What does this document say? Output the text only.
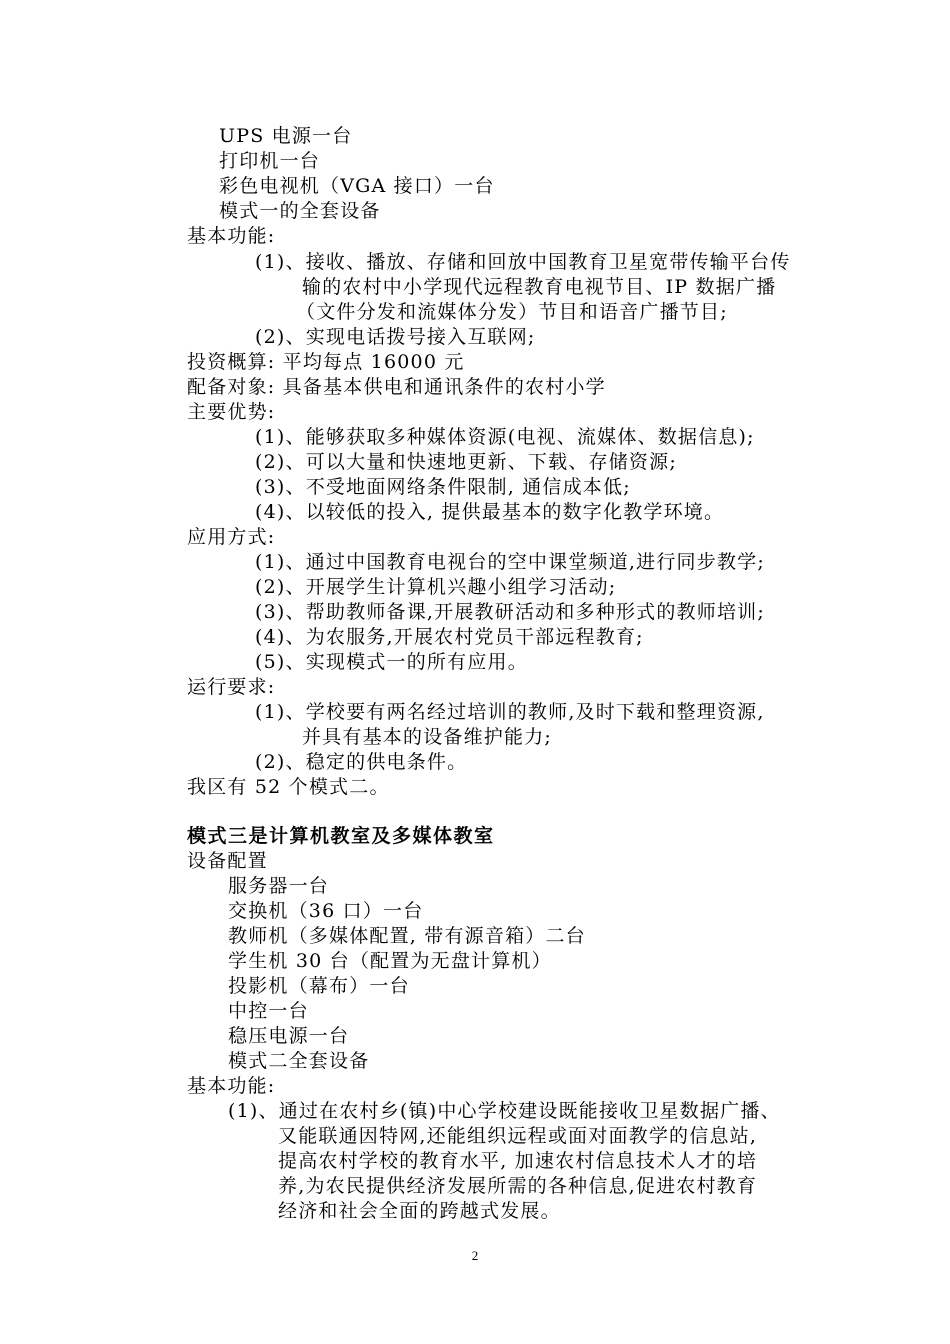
UPS 电源一台
打印机一台
彩色电视机（VGA 接口）一台
模式一的全套设备
基本功能:
(1)、接收、播放、存储和回放中国教育卫星宽带传输平台传
输的农村中小学现代远程教育电视节目、IP 数据广播
（文件分发和流媒体分发）节目和语音广播节目;
(2)、实现电话拨号接入互联网;
投资概算: 平均每点 16000 元
配备对象: 具备基本供电和通讯条件的农村小学
主要优势:
(1)、能够获取多种媒体资源(电视、流媒体、数据信息);
(2)、可以大量和快速地更新、下载、存储资源;
(3)、不受地面网络条件限制, 通信成本低;
(4)、以较低的投入, 提供最基本的数字化教学环境。
应用方式:
(1)、通过中国教育电视台的空中课堂频道,进行同步教学;
(2)、开展学生计算机兴趣小组学习活动;
(3)、帮助教师备课,开展教研活动和多种形式的教师培训;
(4)、为农服务,开展农村党员干部远程教育;
(5)、实现模式一的所有应用。
运行要求:
(1)、学校要有两名经过培训的教师,及时下载和整理资源,
并具有基本的设备维护能力;
(2)、稳定的供电条件。
我区有 52 个模式二。
模式三是计算机教室及多媒体教室
设备配置
服务器一台
交换机（36 口）一台
教师机（多媒体配置, 带有源音箱）二台
学生机 30 台（配置为无盘计算机）
投影机（幕布）一台
中控一台
稳压电源一台
模式二全套设备
基本功能:
(1)、通过在农村乡(镇)中心学校建设既能接收卫星数据广播、
又能联通因特网,还能组织远程或面对面教学的信息站,
提高农村学校的教育水平, 加速农村信息技术人才的培
养,为农民提供经济发展所需的各种信息,促进农村教育
经济和社会全面的跨越式发展。
2
